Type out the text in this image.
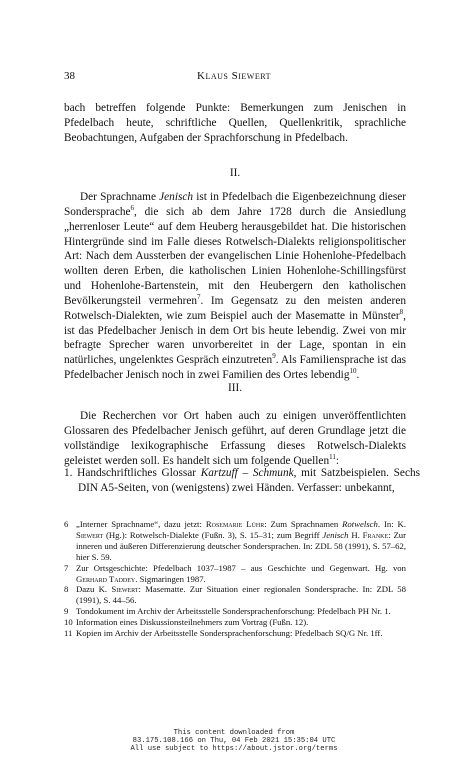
38	Klaus Siewert
bach betreffen folgende Punkte: Bemerkungen zum Jenischen in Pfedelbach heute, schriftliche Quellen, Quellenkritik, sprachliche Beobachtungen, Aufgaben der Sprachforschung in Pfedelbach.
II.
Der Sprachname Jenisch ist in Pfedelbach die Eigenbezeichnung dieser Sondersprache$^6$, die sich ab dem Jahre 1728 durch die Ansiedlung „herrenloser Leute“ auf dem Heuberg herausgebildet hat. Die historischen Hintergründe sind im Falle dieses Rotwelsch-Dialekts religionspolitischer Art: Nach dem Aussterben der evangelischen Linie Hohenlohe-Pfedelbach wollten deren Erben, die katholischen Linien Hohenlohe-Schillingsfürst und Hohenlohe-Bartenstein, mit den Heubergern den katholischen Bevölkerungsteil vermehren$^7$. Im Gegensatz zu den meisten anderen Rotwelsch-Dialekten, wie zum Beispiel auch der Masematte in Münster$^8$, ist das Pfedelbacher Jenisch in dem Ort bis heute lebendig. Zwei von mir befragte Sprecher waren unvorbereitet in der Lage, spontan in ein natürliches, ungelenktes Gespräch einzutreten$^9$. Als Familiensprache ist das Pfedelbacher Jenisch noch in zwei Familien des Ortes lebendig$^{10}$.
III.
Die Recherchen vor Ort haben auch zu einigen unveröffentlichten Glossaren des Pfedelbacher Jenisch geführt, auf deren Grundlage jetzt die vollständige lexikographische Erfassung dieses Rotwelsch-Dialekts geleistet werden soll. Es handelt sich um folgende Quellen$^{11}$:
1. Handschriftliches Glossar Kartzuff – Schmunk, mit Satzbeispielen. Sechs DIN A5-Seiten, von (wenigstens) zwei Händen. Verfasser: unbekannt,
6 „Interner Sprachname“, dazu jetzt: Rosemarie Lühr: Zum Sprachnamen Rotwelsch. In: K. Siewert (Hg.): Rotwelsch-Dialekte (Fußn. 3), S. 15–31; zum Begriff Jenisch H. Franke: Zur inneren und äußeren Differenzierung deutscher Sondersprachen. In: ZDL 58 (1991), S. 57–62, hier S. 59.
7 Zur Ortsgeschichte: Pfedelbach 1037–1987 – aus Geschichte und Gegenwart. Hg. von Gerhard Taddey. Sigmaringen 1987.
8 Dazu K. Siewert: Masematte. Zur Situation einer regionalen Sondersprache. In: ZDL 58 (1991), S. 44–56.
9 Tondokument im Archiv der Arbeitsstelle Sondersprachenforschung: Pfedelbach PH Nr. 1.
10 Information eines Diskussionsteilnehmers zum Vortrag (Fußn. 12).
11 Kopien im Archiv der Arbeitsstelle Sondersprachenforschung: Pfedelbach SQ/G Nr. 1ff.
This content downloaded from
83.175.108.166 on Thu, 04 Feb 2021 15:35:04 UTC
All use subject to https://about.jstor.org/terms
